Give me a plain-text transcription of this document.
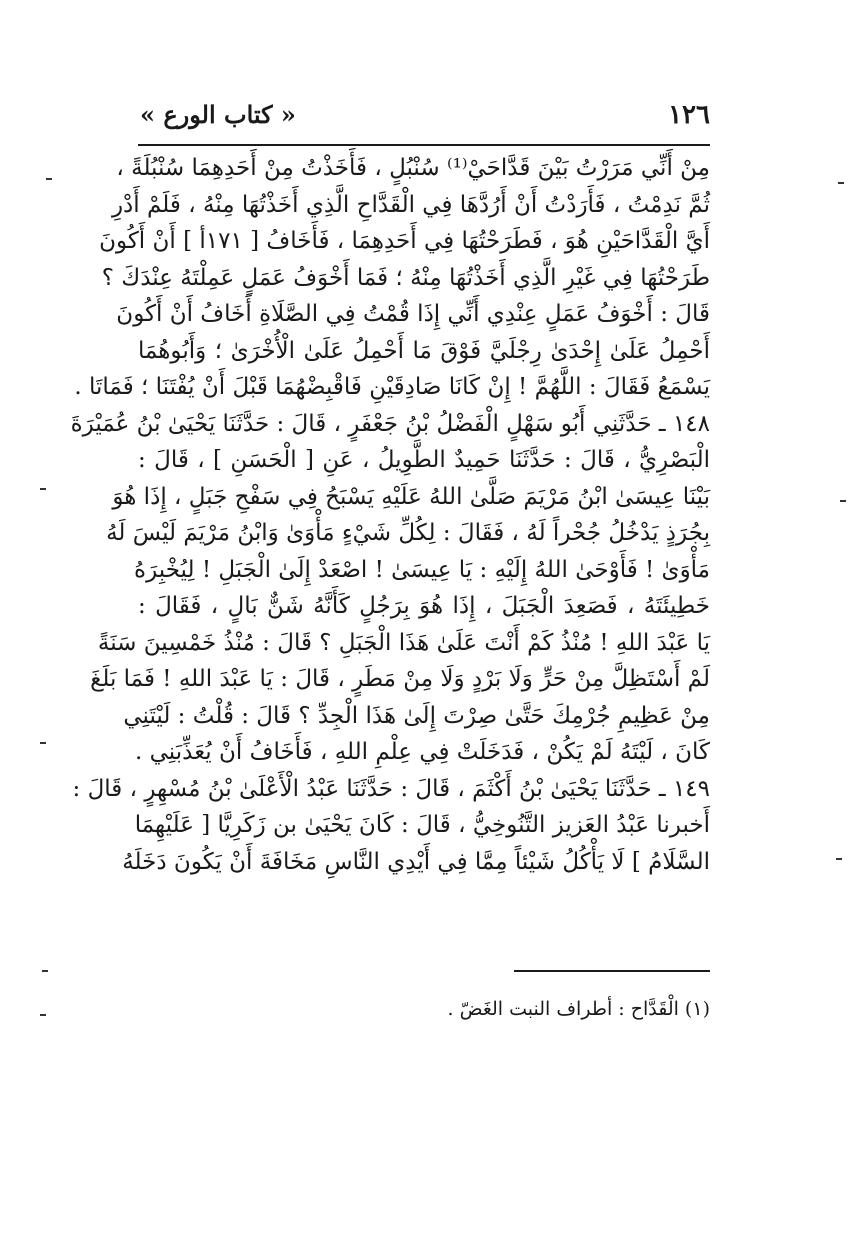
١٢٦
« كتاب الورع »

مِنْ أَنِّي مَرَرْتُ بَيْنَ قَدَّاحَيْ⁽¹⁾ سُنْبُلٍ ، فَأَخَذْتُ مِنْ أَحَدِهِمَا سُنْبُلَةً ،
ثُمَّ نَدِمْتُ ، فَأَرَدْتُ أَنْ أَرُدَّهَا فِي الْقَدَّاحِ الَّذِي أَخَذْتُهَا مِنْهُ ، فَلَمْ أَدْرِ
أَيَّ الْقَدَّاحَيْنِ هُوَ ، فَطَرَحْتُهَا فِي أَحَدِهِمَا ، فَأَخَافُ [ ١٧١أ ] أَنْ أَكُونَ
طَرَحْتُهَا فِي غَيْرِ الَّذِي أَخَذْتُهَا مِنْهُ ؛ فَمَا أَخْوَفُ عَمَلٍ عَمِلْتَهُ عِنْدَكَ ؟
قَالَ : أَخْوَفُ عَمَلٍ عِنْدِي أَنِّي إِذَا قُمْتُ فِي الصَّلَاةِ أَخَافُ أَنْ أَكُونَ
أَحْمِلُ عَلَىٰ إِحْدَىٰ رِجْلَيَّ فَوْقَ مَا أَحْمِلُ عَلَىٰ الْأُخْرَىٰ ؛ وَأَبُوهُمَا
يَسْمَعُ فَقَالَ : اللَّهُمَّ ! إِنْ كَانَا صَادِقَيْنِ فَاقْبِضْهُمَا قَبْلَ أَنْ يُفْتَنَا ؛ فَمَاتَا .

١٤٨ ـ حَدَّثَنِي أَبُو سَهْلٍ الْفَضْلُ بْنُ جَعْفَرٍ ، قَالَ : حَدَّثَنَا يَحْيَىٰ بْنُ عُمَيْرَةَ
الْبَصْرِيُّ ، قَالَ : حَدَّثَنَا حَمِيدٌ الطَّوِيلُ ، عَنِ [ الْحَسَنِ ] ، قَالَ :
بَيْنَا عِيسَىٰ ابْنُ مَرْيَمَ صَلَّىٰ اللهُ عَلَيْهِ يَسْبَحُ فِي سَفْحِ جَبَلٍ ، إِذَا هُوَ
بِجُرَذٍ يَدْخُلُ جُحْراً لَهُ ، فَقَالَ : لِكُلِّ شَيْءٍ مَأْوَىٰ وَابْنُ مَرْيَمَ لَيْسَ لَهُ
مَأْوَىٰ ! فَأَوْحَىٰ اللهُ إِلَيْهِ : يَا عِيسَىٰ ! اصْعَدْ إِلَىٰ الْجَبَلِ ! لِيُخْبِرَهُ
خَطِيئَتَهُ ، فَصَعِدَ الْجَبَلَ ، إِذَا هُوَ بِرَجُلٍ كَأَنَّهُ شَنٌّ بَالٍ ، فَقَالَ :
يَا عَبْدَ اللهِ ! مُنْذُ كَمْ أَنْتَ عَلَىٰ هَذَا الْجَبَلِ ؟ قَالَ : مُنْذُ خَمْسِينَ سَنَةً
لَمْ أَسْتَظِلَّ مِنْ حَرٍّ وَلَا بَرْدٍ وَلَا مِنْ مَطَرٍ ، قَالَ : يَا عَبْدَ اللهِ ! فَمَا بَلَغَ
مِنْ عَظِيمِ جُرْمِكَ حَتَّىٰ صِرْتَ إِلَىٰ هَذَا الْجِدِّ ؟ قَالَ : قُلْتُ : لَيْتَنِي
كَانَ ، لَيْتَهُ لَمْ يَكُنْ ، فَدَخَلَتْ فِي عِلْمِ اللهِ ، فَأَخَافُ أَنْ يُعَذِّبَنِي .

١٤٩ ـ حَدَّثَنَا يَحْيَىٰ بْنُ أَكْثَمَ ، قَالَ : حَدَّثَنَا عَبْدُ الْأَعْلَىٰ بْنُ مُسْهِرٍ ، قَالَ :
أَخبرنا عَبْدُ العَزيز التَّنُوخِيُّ ، قَالَ : كَانَ يَحْيَىٰ بن زَكَرِيَّا [ عَلَيْهِمَا
السَّلَامُ ] لَا يَأْكُلُ شَيْئاً مِمَّا فِي أَيْدِي النَّاسِ مَخَافَةَ أَنْ يَكُونَ دَخَلَهُ

(١) الْقَدَّاح : أطراف النبت الغَضّ .
